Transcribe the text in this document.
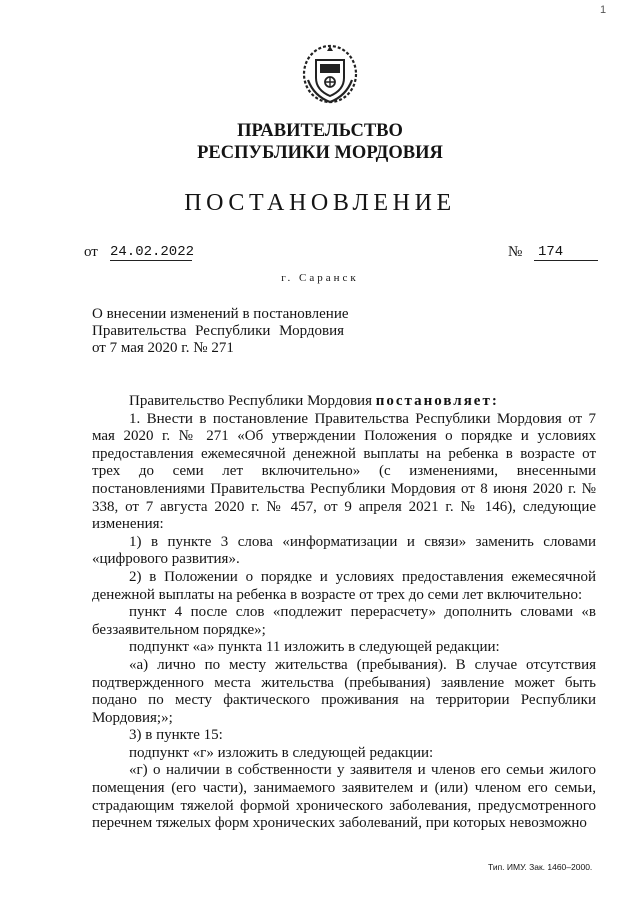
1
ПРАВИТЕЛЬСТВО
РЕСПУБЛИКИ МОРДОВИЯ
ПОСТАНОВЛЕНИЕ
от 24.02.2022	№ 174
г. Саранск
О внесении изменений в постановление
Правительства Республики Мордовия
от 7 мая 2020 г. № 271

Правительство Республики Мордовия постановляет:

1. Внести в постановление Правительства Республики Мордовия от 7 мая 2020 г. № 271 «Об утверждении Положения о порядке и условиях предоставления ежемесячной денежной выплаты на ребенка в возрасте от трех до семи лет включительно» (с изменениями, внесенными постановлениями Правительства Республики Мордовия от 8 июня 2020 г. № 338, от 7 августа 2020 г. № 457, от 9 апреля 2021 г. № 146), следующие изменения:

1) в пункте 3 слова «информатизации и связи» заменить словами «цифрового развития».

2) в Положении о порядке и условиях предоставления ежемесячной денежной выплаты на ребенка в возрасте от трех до семи лет включительно:

пункт 4 после слов «подлежит перерасчету» дополнить словами «в беззаявительном порядке»;

подпункт «а» пункта 11 изложить в следующей редакции:

«а) лично по месту жительства (пребывания). В случае отсутствия подтвержденного места жительства (пребывания) заявление может быть подано по месту фактического проживания на территории Республики Мордовия;»;

3) в пункте 15:

подпункт «г» изложить в следующей редакции:

«г) о наличии в собственности у заявителя и членов его семьи жилого помещения (его части), занимаемого заявителем и (или) членом его семьи, страдающим тяжелой формой хронического заболевания, предусмотренного перечнем тяжелых форм хронических заболеваний, при которых невозможно

Тип. ИМУ. Зак. 1460–2000.
